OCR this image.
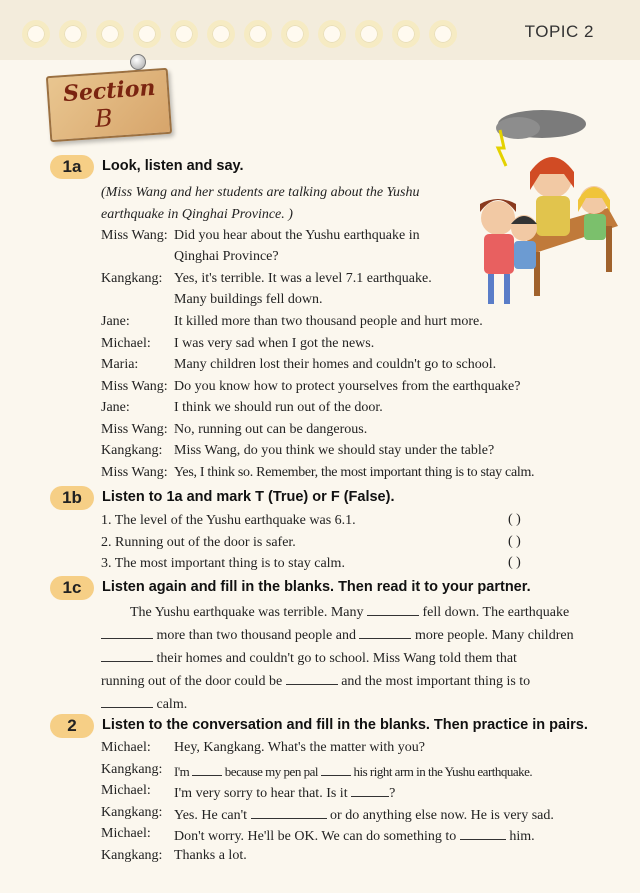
TOPIC 2
Section
B
1a	Look, listen and say.
(Miss Wang and her students are talking about the Yushu
earthquake in Qinghai Province. )
Miss Wang: Did you hear about the Yushu earthquake in
Qinghai Province?
Kangkang: Yes, it's terrible. It was a level 7.1 earthquake.
Many buildings fell down.
Jane:	It killed more than two thousand people and hurt more.
Michael: I was very sad when I got the news.
Maria:	Many children lost their homes and couldn't go to school.
Miss Wang: Do you know how to protect yourselves from the earthquake?
Jane:	I think we should run out of the door.
Miss Wang: No, running out can be dangerous.
Kangkang: Miss Wang, do you think we should stay under the table?
Miss Wang: Yes, I think so. Remember, the most important thing is to stay calm.
1b	Listen to 1a and mark T (True) or F (False).
1. The level of the Yushu earthquake was 6.1.	( )
2. Running out of the door is safer.	( )
3. The most important thing is to stay calm.	( )
1c	Listen again and fill in the blanks. Then read it to your partner.
The Yushu earthquake was terrible. Many	fell down. The earthquake
more than two thousand people and	more people. Many children
their homes and couldn't go to school. Miss Wang told them that
running out of the door could be	and the most important thing is to
calm.
2	Listen to the conversation and fill in the blanks. Then practice in pairs.
Michael: Hey, Kangkang. What's the matter with you?
Kangkang: I'm	because my pen pal	his right arm in the Yushu earthquake.
Michael: I'm very sorry to hear that. Is it	?
Kangkang: Yes. He can't	or do anything else now. He is very sad.
Michael: Don't worry. He'll be OK. We can do something to	him.
Kangkang: Thanks a lot.
